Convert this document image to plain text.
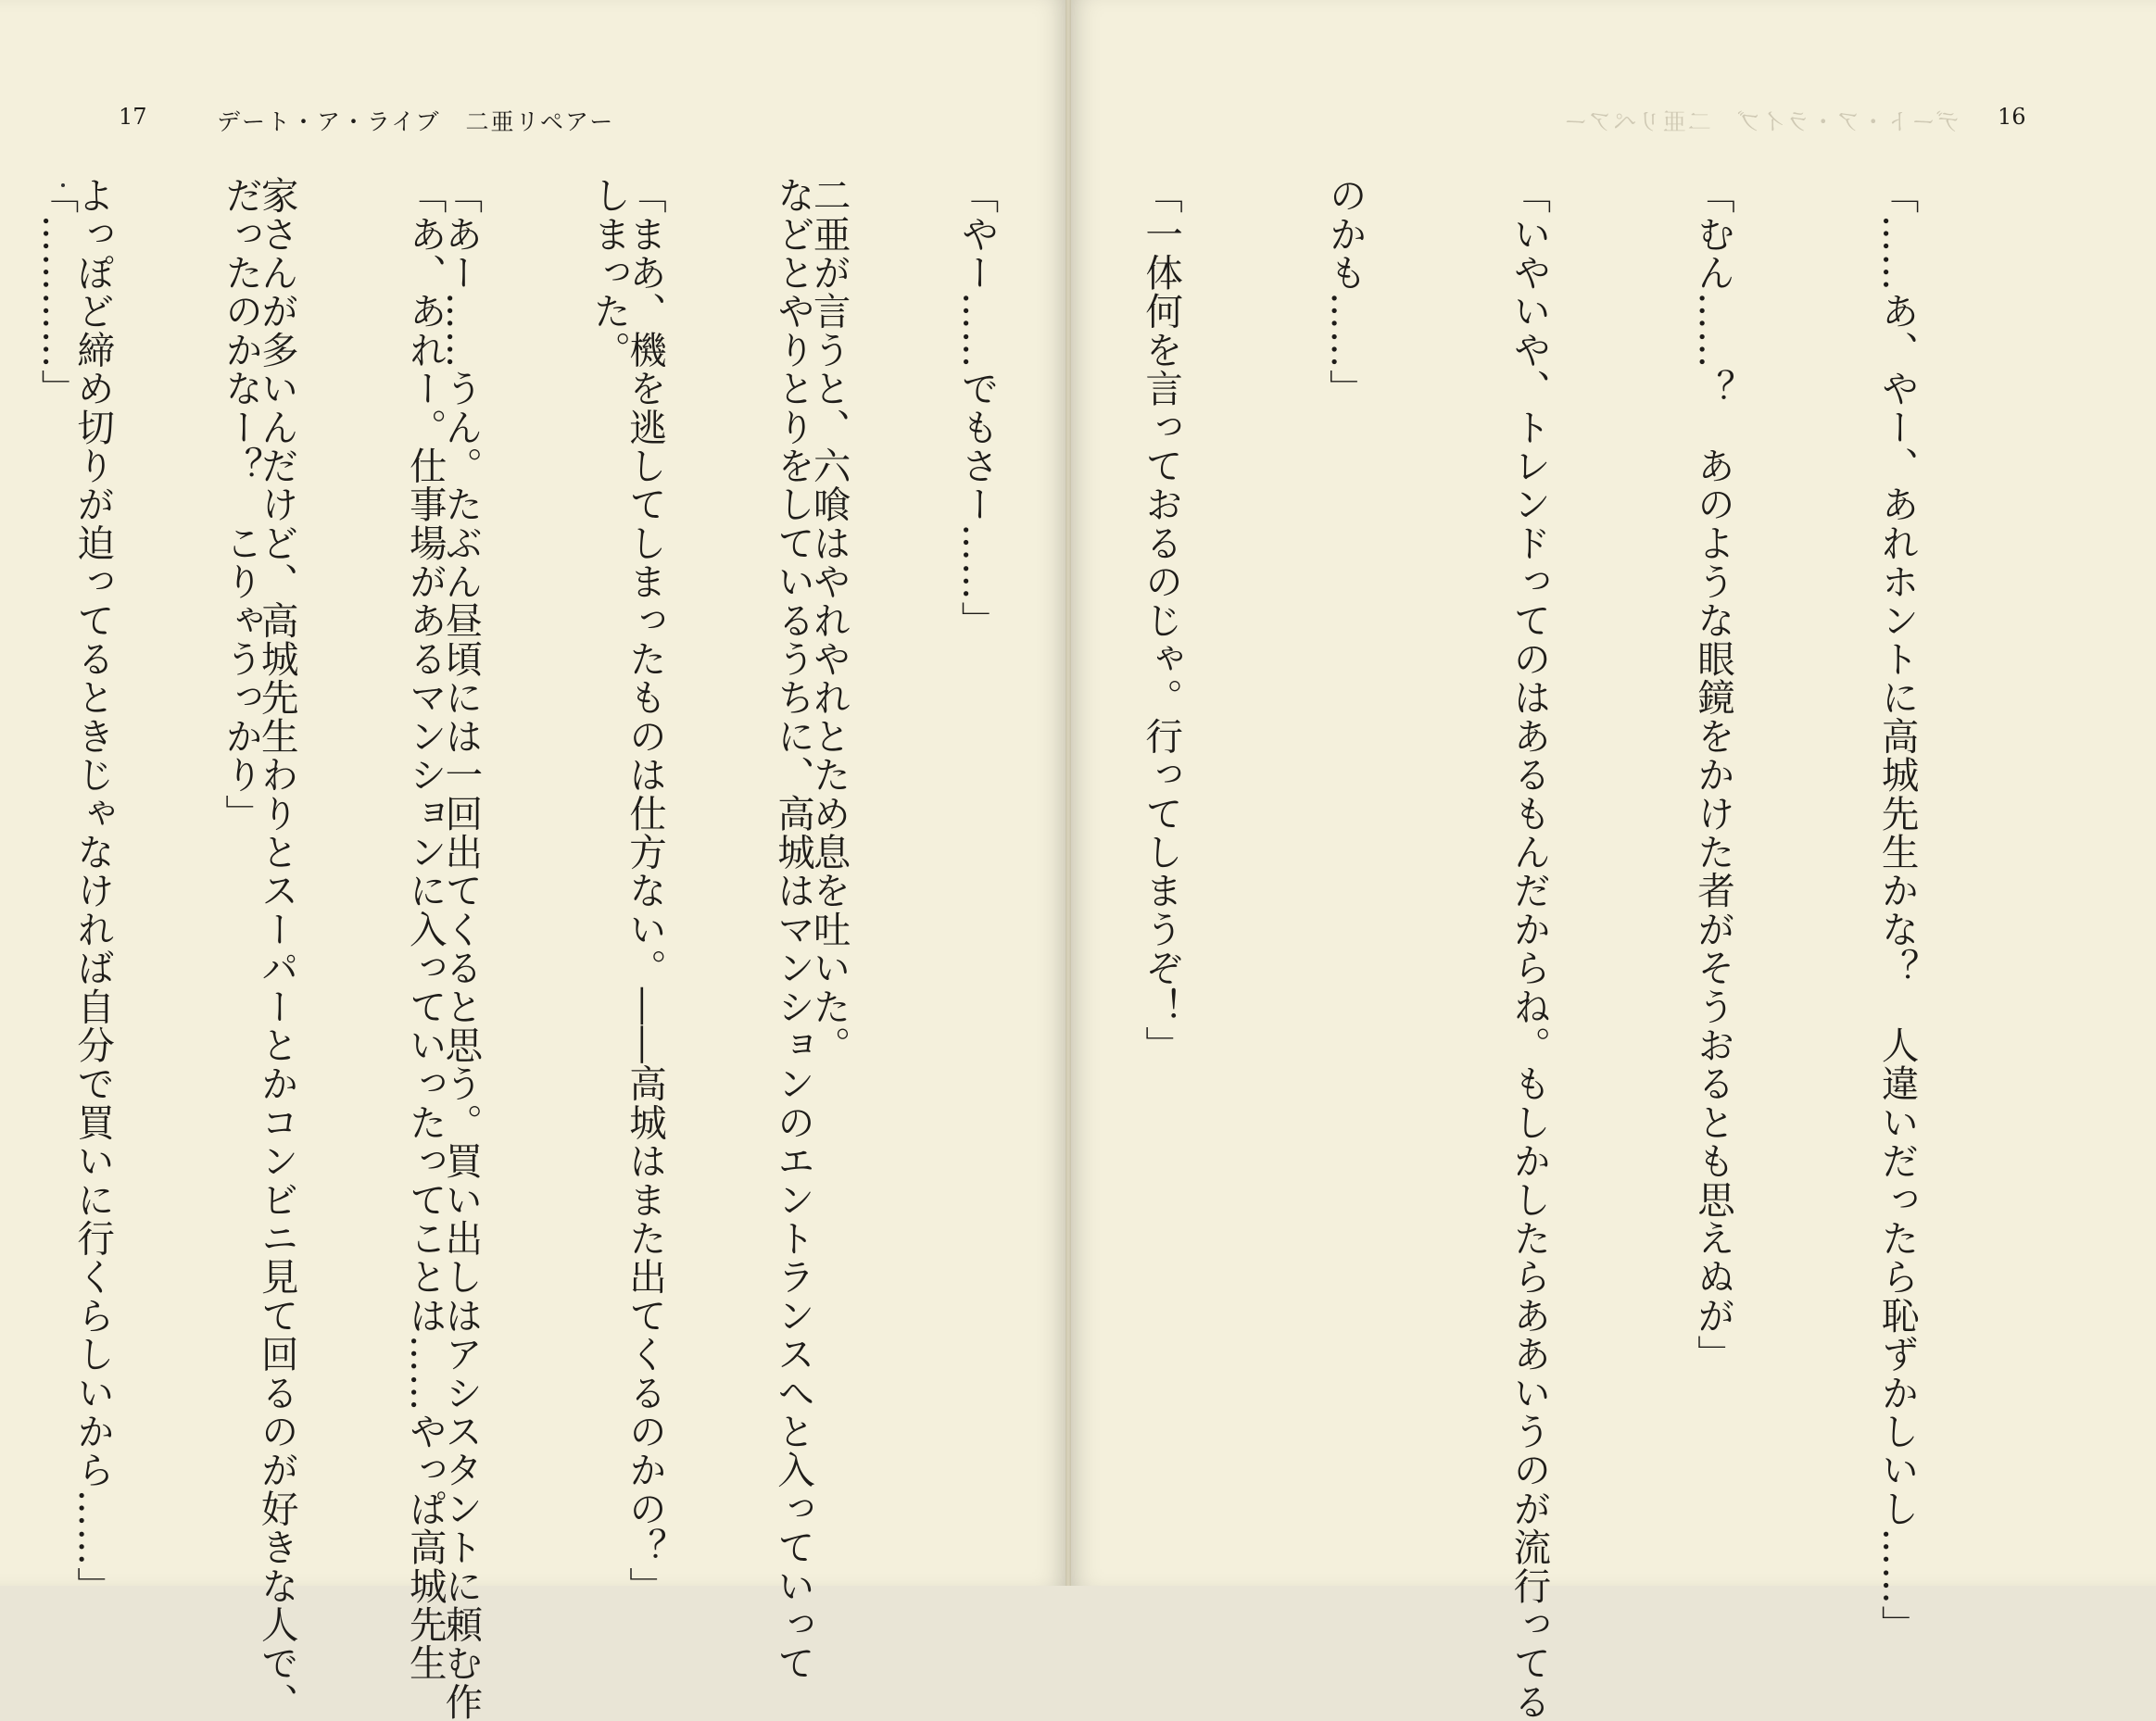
17	デート・ア・ライブ　二亜リペアー

二亜が言うと、六喰はやれやれとため息を吐いた。

「まあ、機を逃してしまったものは仕方ない。――高城はまた出てくるのかの？」

「あー……うん。たぶん昼頃には一回出てくると思う。買い出しはアシスタントに頼む作

家さんが多いんだけど、高城先生わりとスーパーとかコンビニ見て回るのが好きな人で、

よっぽど締め切りが迫ってるときじゃなければ自分で買いに行くらしいから……」

デート・ア・ライブ　二亜リペアー 16

「……あ、やー、あれホントに高城先生かな？　人違いだったら恥ずかしいし……」

「むん……？　あのような眼鏡をかけた者がそうおるとも思えぬが」

「いやいや、トレンドってのはあるもんだからね。もしかしたらああいうのが流行ってる

のかも……」

「一体何を言っておるのじゃ。行ってしまうぞ！」

「やー……でもさー……」

などとやりとりをしているうちに、高城はマンションのエントランスへと入っていって

しまった。

「あ、あれー。仕事場があるマンションに入っていったってことは……やっぱ高城先生

だったのかなー？　こりゃうっかり」

「…………」
